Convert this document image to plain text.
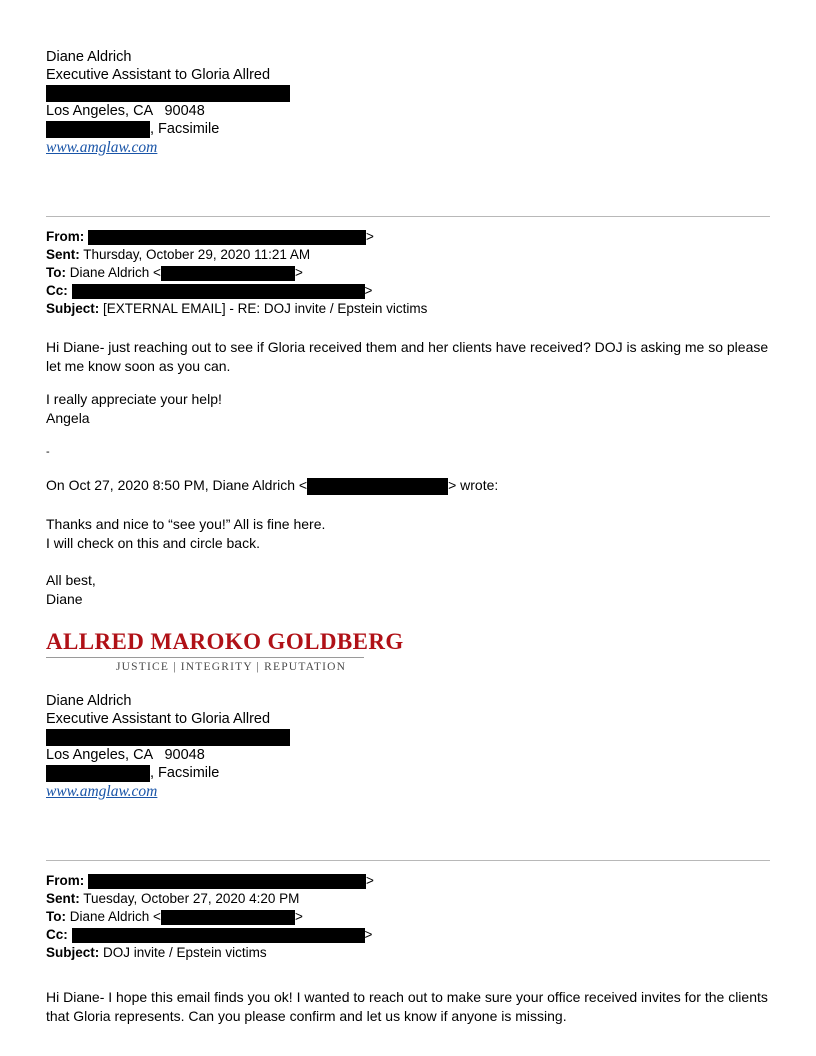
Diane Aldrich
Executive Assistant to Gloria Allred
Los Angeles, CA   90048
, Facsimile
www.amglaw.com
From:	>
Sent: Thursday, October 29, 2020 11:21 AM
To: Diane Aldrich <	>
Cc:	>
Subject: [EXTERNAL EMAIL] - RE: DOJ invite / Epstein victims
Hi Diane- just reaching out to see if Gloria received them and her clients have received? DOJ is asking me so please let me know soon as you can.
I really appreciate your help!
Angela
-
On Oct 27, 2020 8:50 PM, Diane Aldrich <	> wrote:
Thanks and nice to “see you!” All is fine here.
I will check on this and circle back.
All best,
Diane
ALLRED MAROKO GOLDBERG
JUSTICE | INTEGRITY | REPUTATION
Diane Aldrich
Executive Assistant to Gloria Allred
Los Angeles, CA   90048
, Facsimile
www.amglaw.com
From:	>
Sent: Tuesday, October 27, 2020 4:20 PM
To: Diane Aldrich <	>
Cc:	>
Subject: DOJ invite / Epstein victims
Hi Diane- I hope this email finds you ok! I wanted to reach out to make sure your office received invites for the clients that Gloria represents. Can you please confirm and let us know if anyone is missing.
